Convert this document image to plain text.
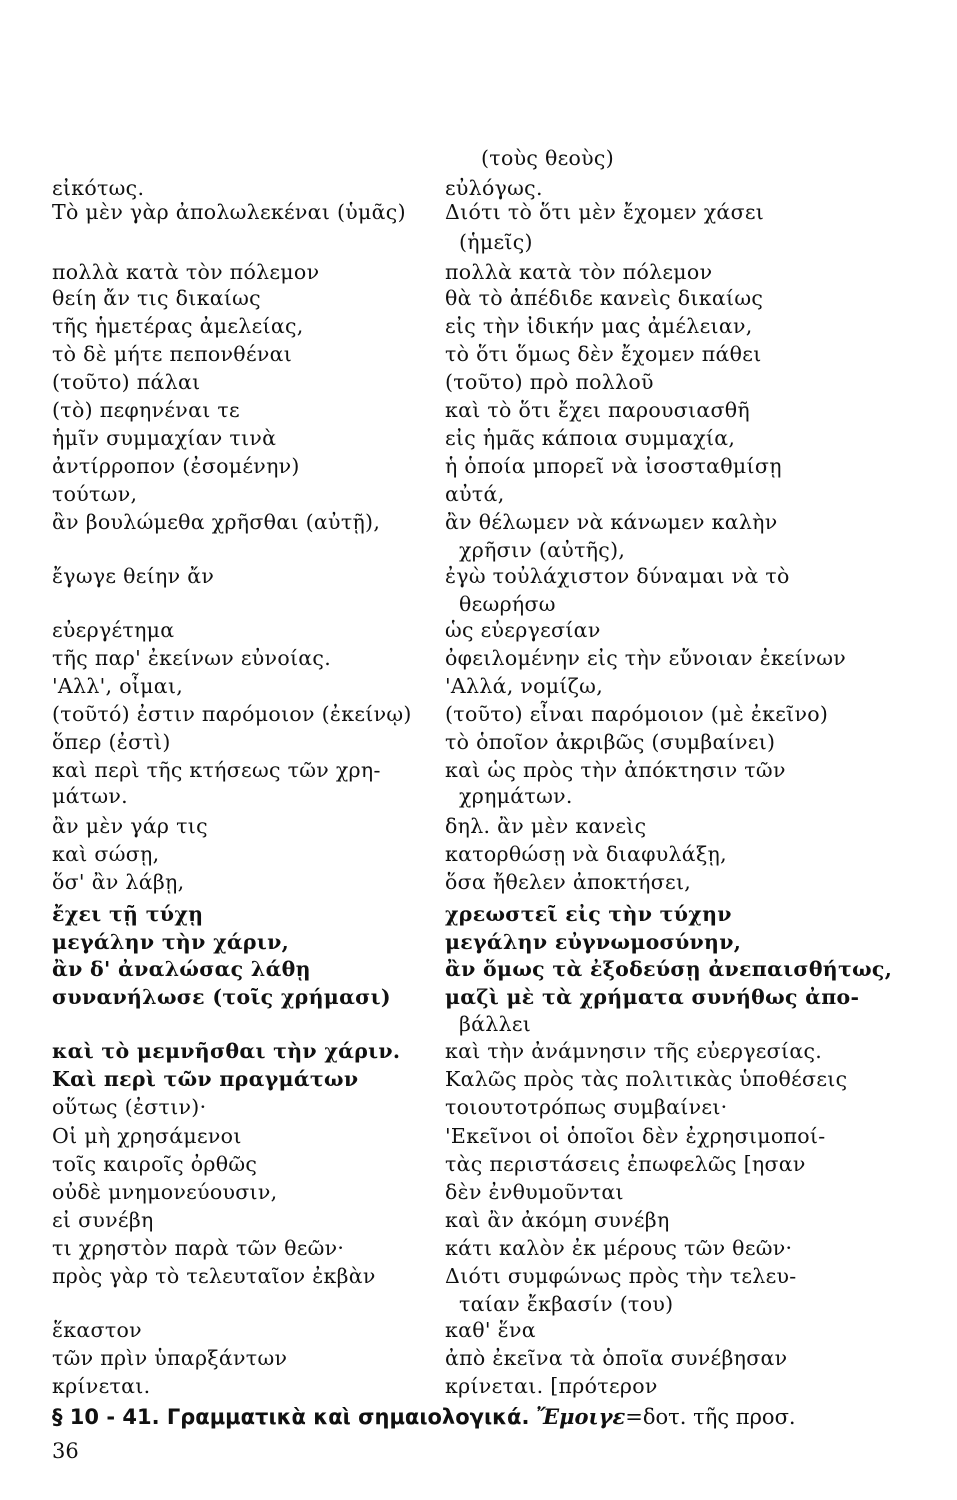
εἰκότως.
Τὸ μὲν γὰρ ἀπολωλεκέναι (ὑμᾶς)
πολλὰ κατὰ τὸν πόλεμον
θείη ἄν τις δικαίως
τῆς ἡμετέρας ἀμελείας,
τὸ δὲ μήτε πεπονθέναι
(τοῦτο) πάλαι
(τὸ) πεφηνέναι τε
ἡμῖν συμμαχίαν τινὰ
ἀντίρροπον (ἐσομένην)
τούτων,
ἂν βουλώμεθα χρῆσθαι (αὐτῇ),
ἔγωγε θείην ἄν
εὐεργέτημα
τῆς παρ' ἐκείνων εὐνοίας.
'Αλλ', οἶμαι,
(τοῦτό) ἐστιν παρόμοιον (ἐκείνῳ)
ὅπερ (ἐστὶ)
καὶ περὶ τῆς κτήσεως τῶν χρη-
μάτων.
ἂν μὲν γάρ τις
καὶ σώσῃ,
ὅσ' ἂν λάβῃ,
ἔχει τῇ τύχῃ
μεγάλην τὴν χάριν,
ἂν δ' ἀναλώσας λάθῃ
συνανήλωσε (τοῖς χρήμασι)
καὶ τὸ μεμνῆσθαι τὴν χάριν.
Καὶ περὶ τῶν πραγμάτων
οὕτως (ἐστιν)·
Οἱ μὴ χρησάμενοι
τοῖς καιροῖς ὀρθῶς
οὐδὲ μνημονεύουσιν,
εἰ συνέβη
τι χρηστὸν παρὰ τῶν θεῶν·
πρὸς γὰρ τὸ τελευταῖον ἐκβὰν
ἕκαστον
τῶν πρὶν ὑπαρξάντων
κρίνεται.
(τοὺς θεοὺς)
εὐλόγως.
Διότι τὸ ὅτι μὲν ἔχομεν χάσει
(ἡμεῖς)
πολλὰ κατὰ τὸν πόλεμον
θὰ τὸ ἀπέδιδε κανεὶς δικαίως
εἰς τὴν ἰδικήν μας ἀμέλειαν,
τὸ ὅτι ὅμως δὲν ἔχομεν πάθει
(τοῦτο) πρὸ πολλοῦ
καὶ τὸ ὅτι ἔχει παρουσιασθῆ
εἰς ἡμᾶς κάποια συμμαχία,
ἡ ὁποία μπορεῖ νὰ ἰσοσταθμίσῃ
αὐτά,
ἂν θέλωμεν νὰ κάνωμεν καλὴν
χρῆσιν (αὐτῆς),
ἐγὼ τοὐλάχιστον δύναμαι νὰ τὸ
θεωρήσω
ὡς εὐεργεσίαν
ὀφειλομένην εἰς τὴν εὔνοιαν ἐκείνων
'Αλλά, νομίζω,
(τοῦτο) εἶναι παρόμοιον (μὲ ἐκεῖνο)
τὸ ὁποῖον ἀκριβῶς (συμβαίνει)
καὶ ὡς πρὸς τὴν ἀπόκτησιν τῶν
χρημάτων.
δηλ. ἂν μὲν κανεὶς
κατορθώσῃ νὰ διαφυλάξῃ,
ὅσα ἤθελεν ἀποκτήσει,
χρεωστεῖ εἰς τὴν τύχην
μεγάλην εὐγνωμοσύνην,
ἂν ὅμως τὰ ἐξοδεύσῃ ἀνεπαισθήτως,
μαζὶ μὲ τὰ χρήματα συνήθως ἀπο-
βάλλει
καὶ τὴν ἀνάμνησιν τῆς εὐεργεσίας.
Καλῶς πρὸς τὰς πολιτικὰς ὑποθέσεις
τοιουτοτρόπως συμβαίνει·
'Εκεῖνοι οἱ ὁποῖοι δὲν ἐχρησιμοποί-
τὰς περιστάσεις ἐπωφελῶς [ησαν
δὲν ἐνθυμοῦνται
καὶ ἂν ἀκόμη συνέβη
κάτι καλὸν ἐκ μέρους τῶν θεῶν·
Διότι συμφώνως πρὸς τὴν τελευ-
ταίαν ἔκβασίν (του)
καθ' ἕνα
ἀπὸ ἐκεῖνα τὰ ὁποῖα συνέβησαν
κρίνεται. [πρότερον
§ 10 - 41. Γραμματικὰ καὶ σημαιολογικά. Ἔμοιγε=δοτ. τῆς προσ.
36
